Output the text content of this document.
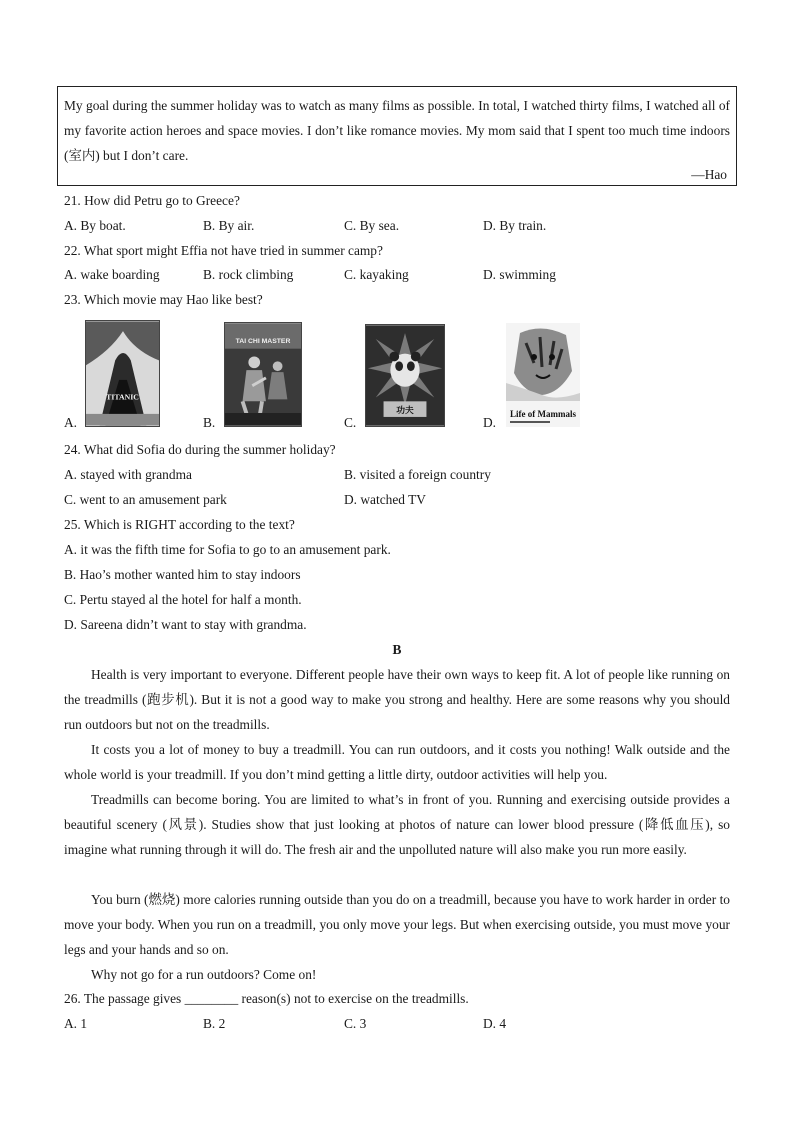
My goal during the summer holiday was to watch as many films as possible. In total, I watched thirty films, I watched all of my favorite action heroes and space movies. I don’t like romance movies. My mom said that I spent too much time indoors (室内) but I don’t care.

—Hao
21. How did Petru go to Greece?
A. By boat.	B. By air.	C. By sea.	D. By train.
22. What sport might Effia not have tried in summer camp?
A. wake boarding	B. rock climbing	C. kayaking	D. swimming
23. Which movie may Hao like best?
A.
TITANIC
B.
TAI CHI MASTER
C.
功夫
D.
Life of Mammals
24. What did Sofia do during the summer holiday?
A. stayed with grandma	B. visited a foreign country
C. went to an amusement park	D. watched TV
25. Which is RIGHT according to the text?
A. it was the fifth time for Sofia to go to an amusement park.
B. Hao’s mother wanted him to stay indoors
C. Pertu stayed al the hotel for half a month.
D. Sareena didn’t want to stay with grandma.
B

Health is very important to everyone. Different people have their own ways to keep fit. A lot of people like running on the treadmills (跑步机). But it is not a good way to make you strong and healthy. Here are some reasons why you should run outdoors but not on the treadmills.

It costs you a lot of money to buy a treadmill. You can run outdoors, and it costs you nothing! Walk outside and the whole world is your treadmill. If you don’t mind getting a little dirty, outdoor activities will help you.

Treadmills can become boring. You are limited to what’s in front of you. Running and exercising outside provides a beautiful scenery (风景). Studies show that just looking at photos of nature can lower blood pressure (降低血压), so imagine what running through it will do. The fresh air and the unpolluted nature will also make you run more easily.

You burn (燃烧) more calories running outside than you do on a treadmill, because you have to work harder in order to move your body. When you run on a treadmill, you only move your legs. But when exercising outside, you must move your legs and your hands and so on.

Why not go for a run outdoors? Come on!

26. The passage gives ________ reason(s) not to exercise on the treadmills.
A. 1	B. 2	C. 3	D. 4
